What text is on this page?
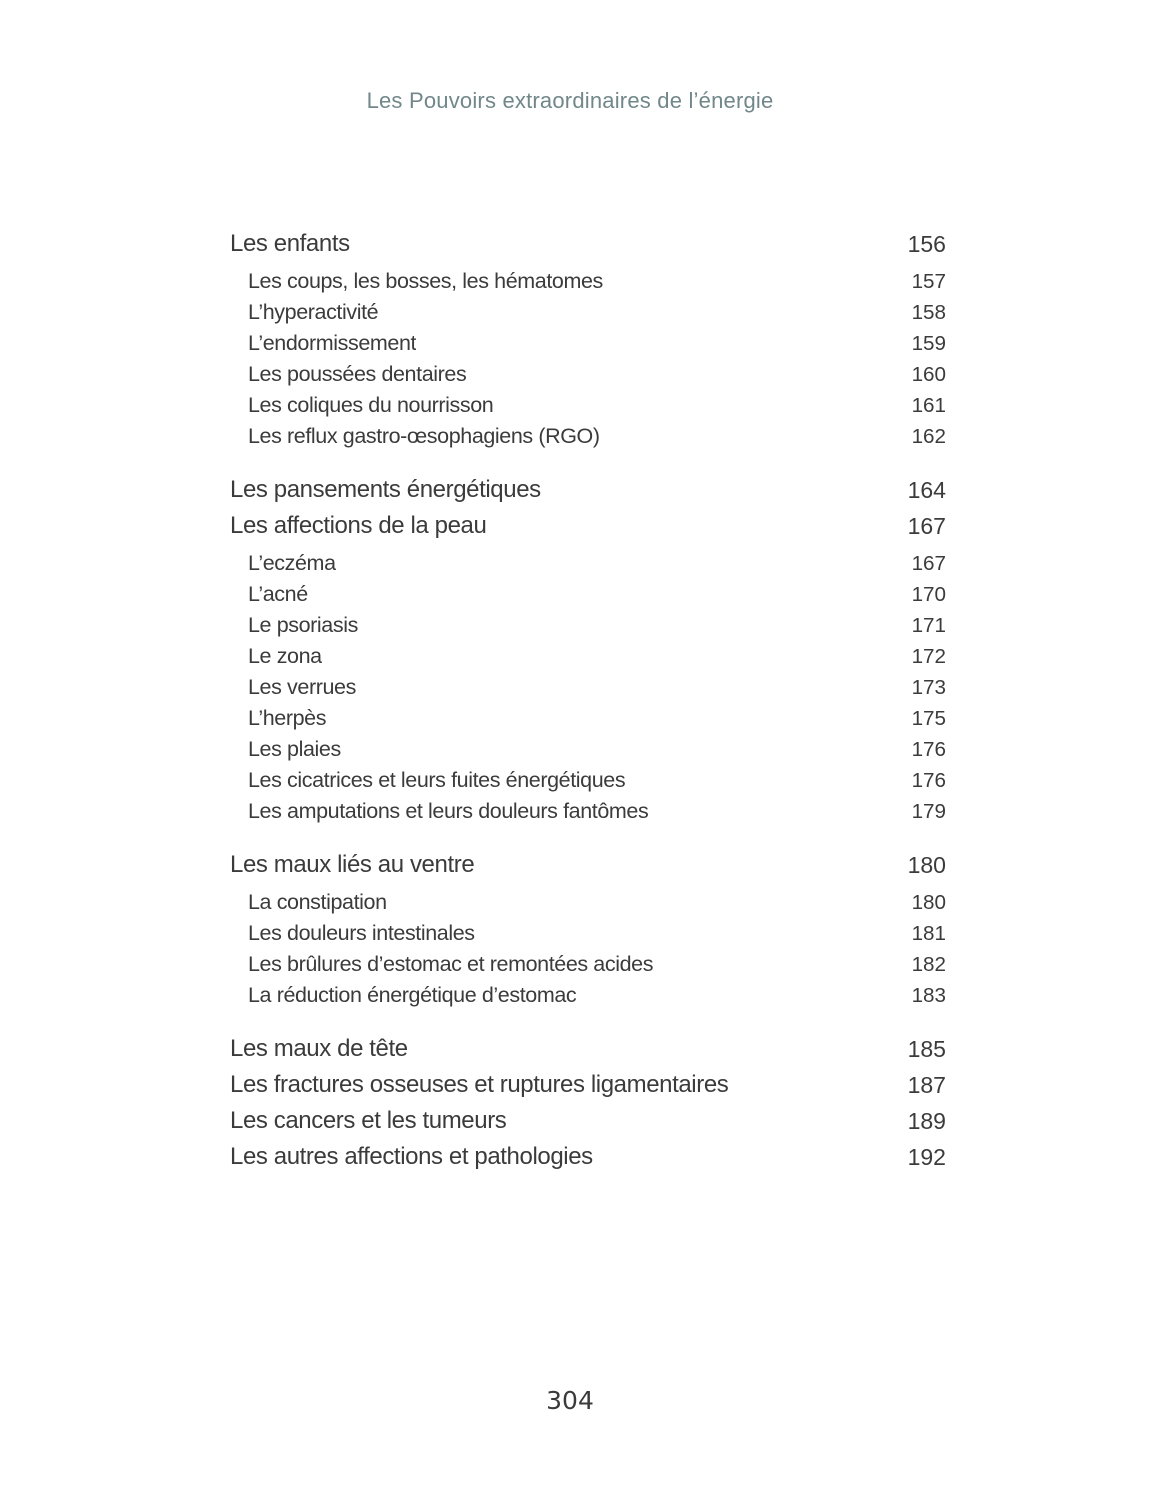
Les Pouvoirs extraordinaires de l’énergie
Les enfants	156
Les coups, les bosses, les hématomes	157
L’hyperactivité	158
L’endormissement	159
Les poussées dentaires	160
Les coliques du nourrisson	161
Les reflux gastro-œsophagiens (RGO)	162
Les pansements énergétiques	164
Les affections de la peau	167
L’eczéma	167
L’acné	170
Le psoriasis	171
Le zona	172
Les verrues	173
L’herpès	175
Les plaies	176
Les cicatrices et leurs fuites énergétiques	176
Les amputations et leurs douleurs fantômes	179
Les maux liés au ventre	180
La constipation	180
Les douleurs intestinales	181
Les brûlures d’estomac et remontées acides	182
La réduction énergétique d’estomac	183
Les maux de tête	185
Les fractures osseuses et ruptures ligamentaires	187
Les cancers et les tumeurs	189
Les autres affections et pathologies	192
304
